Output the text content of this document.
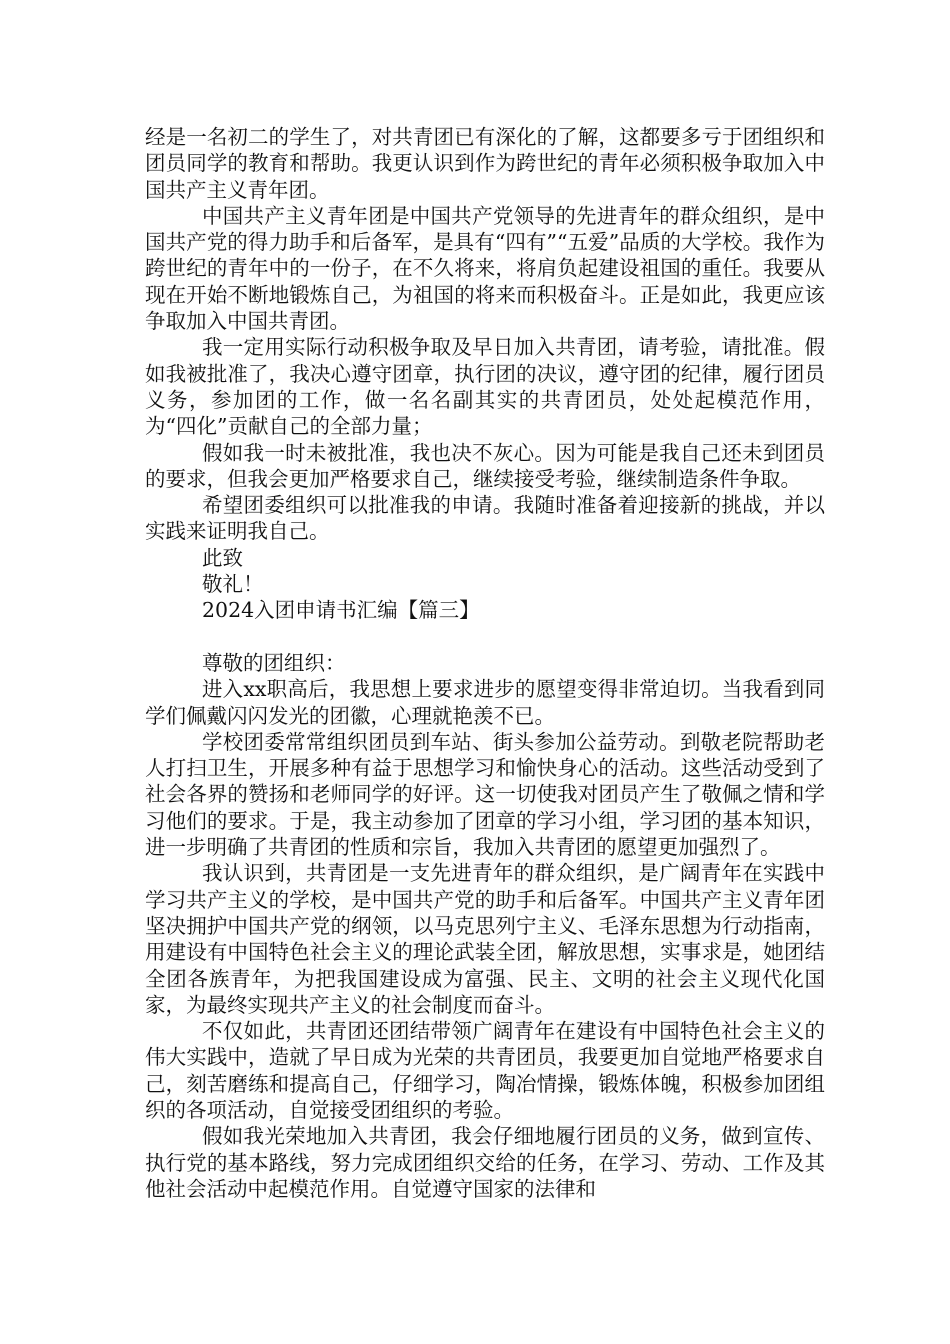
经是一名初二的学生了，对共青团已有深化的了解，这都要多亏于团组织和团员同学的教育和帮助。我更认识到作为跨世纪的青年必须积极争取加入中国共产主义青年团。

中国共产主义青年团是中国共产党领导的先进青年的群众组织，是中国共产党的得力助手和后备军，是具有“四有”“五爱”品质的大学校。我作为跨世纪的青年中的一份子，在不久将来，将肩负起建设祖国的重任。我要从现在开始不断地锻炼自己，为祖国的将来而积极奋斗。正是如此，我更应该争取加入中国共青团。

我一定用实际行动积极争取及早日加入共青团，请考验，请批准。假如我被批准了，我决心遵守团章，执行团的决议，遵守团的纪律，履行团员义务，参加团的工作，做一名名副其实的共青团员，处处起模范作用，为“四化”贡献自己的全部力量；

假如我一时未被批准，我也决不灰心。因为可能是我自己还未到团员的要求，但我会更加严格要求自己，继续接受考验，继续制造条件争取。

希望团委组织可以批准我的申请。我随时准备着迎接新的挑战，并以实践来证明我自己。

此致

敬礼！

2024入团申请书汇编【篇三】

尊敬的团组织：

进入xx职高后，我思想上要求进步的愿望变得非常迫切。当我看到同学们佩戴闪闪发光的团徽，心理就艳羡不已。

学校团委常常组织团员到车站、街头参加公益劳动。到敬老院帮助老人打扫卫生，开展多种有益于思想学习和愉快身心的活动。这些活动受到了社会各界的赞扬和老师同学的好评。这一切使我对团员产生了敬佩之情和学习他们的要求。于是，我主动参加了团章的学习小组，学习团的基本知识，进一步明确了共青团的性质和宗旨，我加入共青团的愿望更加强烈了。

我认识到，共青团是一支先进青年的群众组织，是广阔青年在实践中学习共产主义的学校，是中国共产党的助手和后备军。中国共产主义青年团坚决拥护中国共产党的纲领，以马克思列宁主义、毛泽东思想为行动指南，用建设有中国特色社会主义的理论武装全团，解放思想，实事求是，她团结全团各族青年，为把我国建设成为富强、民主、文明的社会主义现代化国家，为最终实现共产主义的社会制度而奋斗。

不仅如此，共青团还团结带领广阔青年在建设有中国特色社会主义的伟大实践中，造就了早日成为光荣的共青团员，我要更加自觉地严格要求自己，刻苦磨练和提高自己，仔细学习，陶冶情操，锻炼体魄，积极参加团组织的各项活动，自觉接受团组织的考验。

假如我光荣地加入共青团，我会仔细地履行团员的义务，做到宣传、执行党的基本路线，努力完成团组织交给的任务，在学习、劳动、工作及其他社会活动中起模范作用。自觉遵守国家的法律和
